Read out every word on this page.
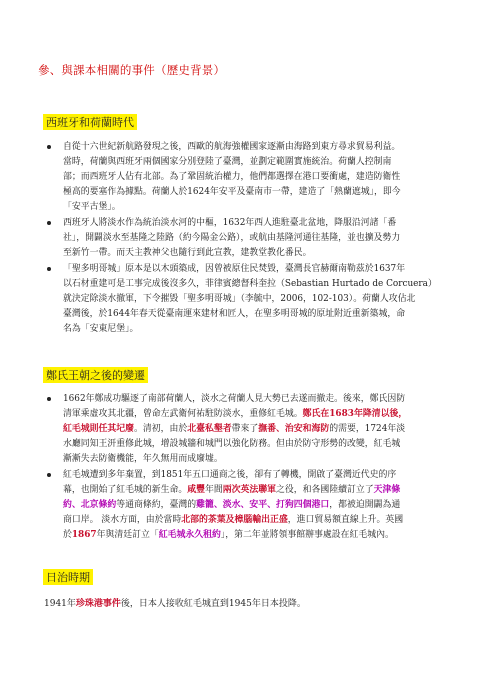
參、與課本相關的事件（歷史背景）
西班牙和荷蘭時代
自從十六世紀新航路發現之後，西歐的航海強權國家逐漸由海路到東方尋求貿易利益。
當時，荷蘭與西班牙兩個國家分別登陸了臺灣，並劃定範圍實施統治。荷蘭人控制南
部；而西班牙人佔有北部。為了鞏固統治權力，他們都選擇在港口要衝處，建造防衛性
極高的要塞作為據點。荷蘭人於1624年安平及臺南市一帶，建造了「熱蘭遮城」，即今
「安平古堡」。
西班牙人將淡水作為統治淡水河的中樞，1632年西人進駐臺北盆地，降服沿河諸「番
社」，開闢淡水至基隆之陸路（約今陽金公路），或航由基隆河通往基隆，並也擴及勢力
至新竹一帶。而天主教神父也隨行到此宣教，建教堂教化番民。
「聖多明哥城」原本是以木頭築成，因曾被原住民焚毀，臺灣長官赫爾南勒茲於1637年
以石材重建可是工事完成後沒多久，菲律賓總督科奎拉（Sebastian Hurtado de Corcuera）
就決定除淡水撤軍，下令摧毀「聖多明哥城」（李毓中，2006，102-103）。荷蘭人攻佔北
臺灣後，於1644年春天從臺南運來建材和匠人，在聖多明哥城的原址附近重新築城，命
名為「安東尼堡」。
鄭氏王朝之後的變遷
1662年鄭成功驅逐了南部荷蘭人，淡水之荷蘭人見大勢已去遂而撤走。後來，鄭氏因防
清軍乘虛攻其北疆，曾命左武衛何祐駐防淡水，重修紅毛城。鄭氏在1683年降清以後，
紅毛城則任其圮廢。清初，由於北臺私墾者帶來了撫番、治安和海防的需要，1724年淡
水廳同知王汧重修此城，增設城牆和城門以強化防務。但由於防守形勢的改變，紅毛城
漸漸失去防衛機能，年久無用而成廢墟。
紅毛城遭到多年棄置，到1851年五口通商之後，卻有了轉機，開啟了臺灣近代史的序
幕，也開始了紅毛城的新生命。咸豐年間兩次英法聯軍之役，和各國陸續訂立了天津條
約、北京條約等通商條約，臺灣的雞籠、淡水、安平、打狗四個港口，都被迫開闢為通
商口岸。 淡水方面，由於當時北部的茶葉及樟腦輸出正盛，進口貿易額直線上升。英國
於1867年與清廷訂立「紅毛城永久租約」，第二年並將領事館辦事處設在紅毛城內。
日治時期
1941年珍珠港事件後，日本人接收紅毛城直到1945年日本投降。
